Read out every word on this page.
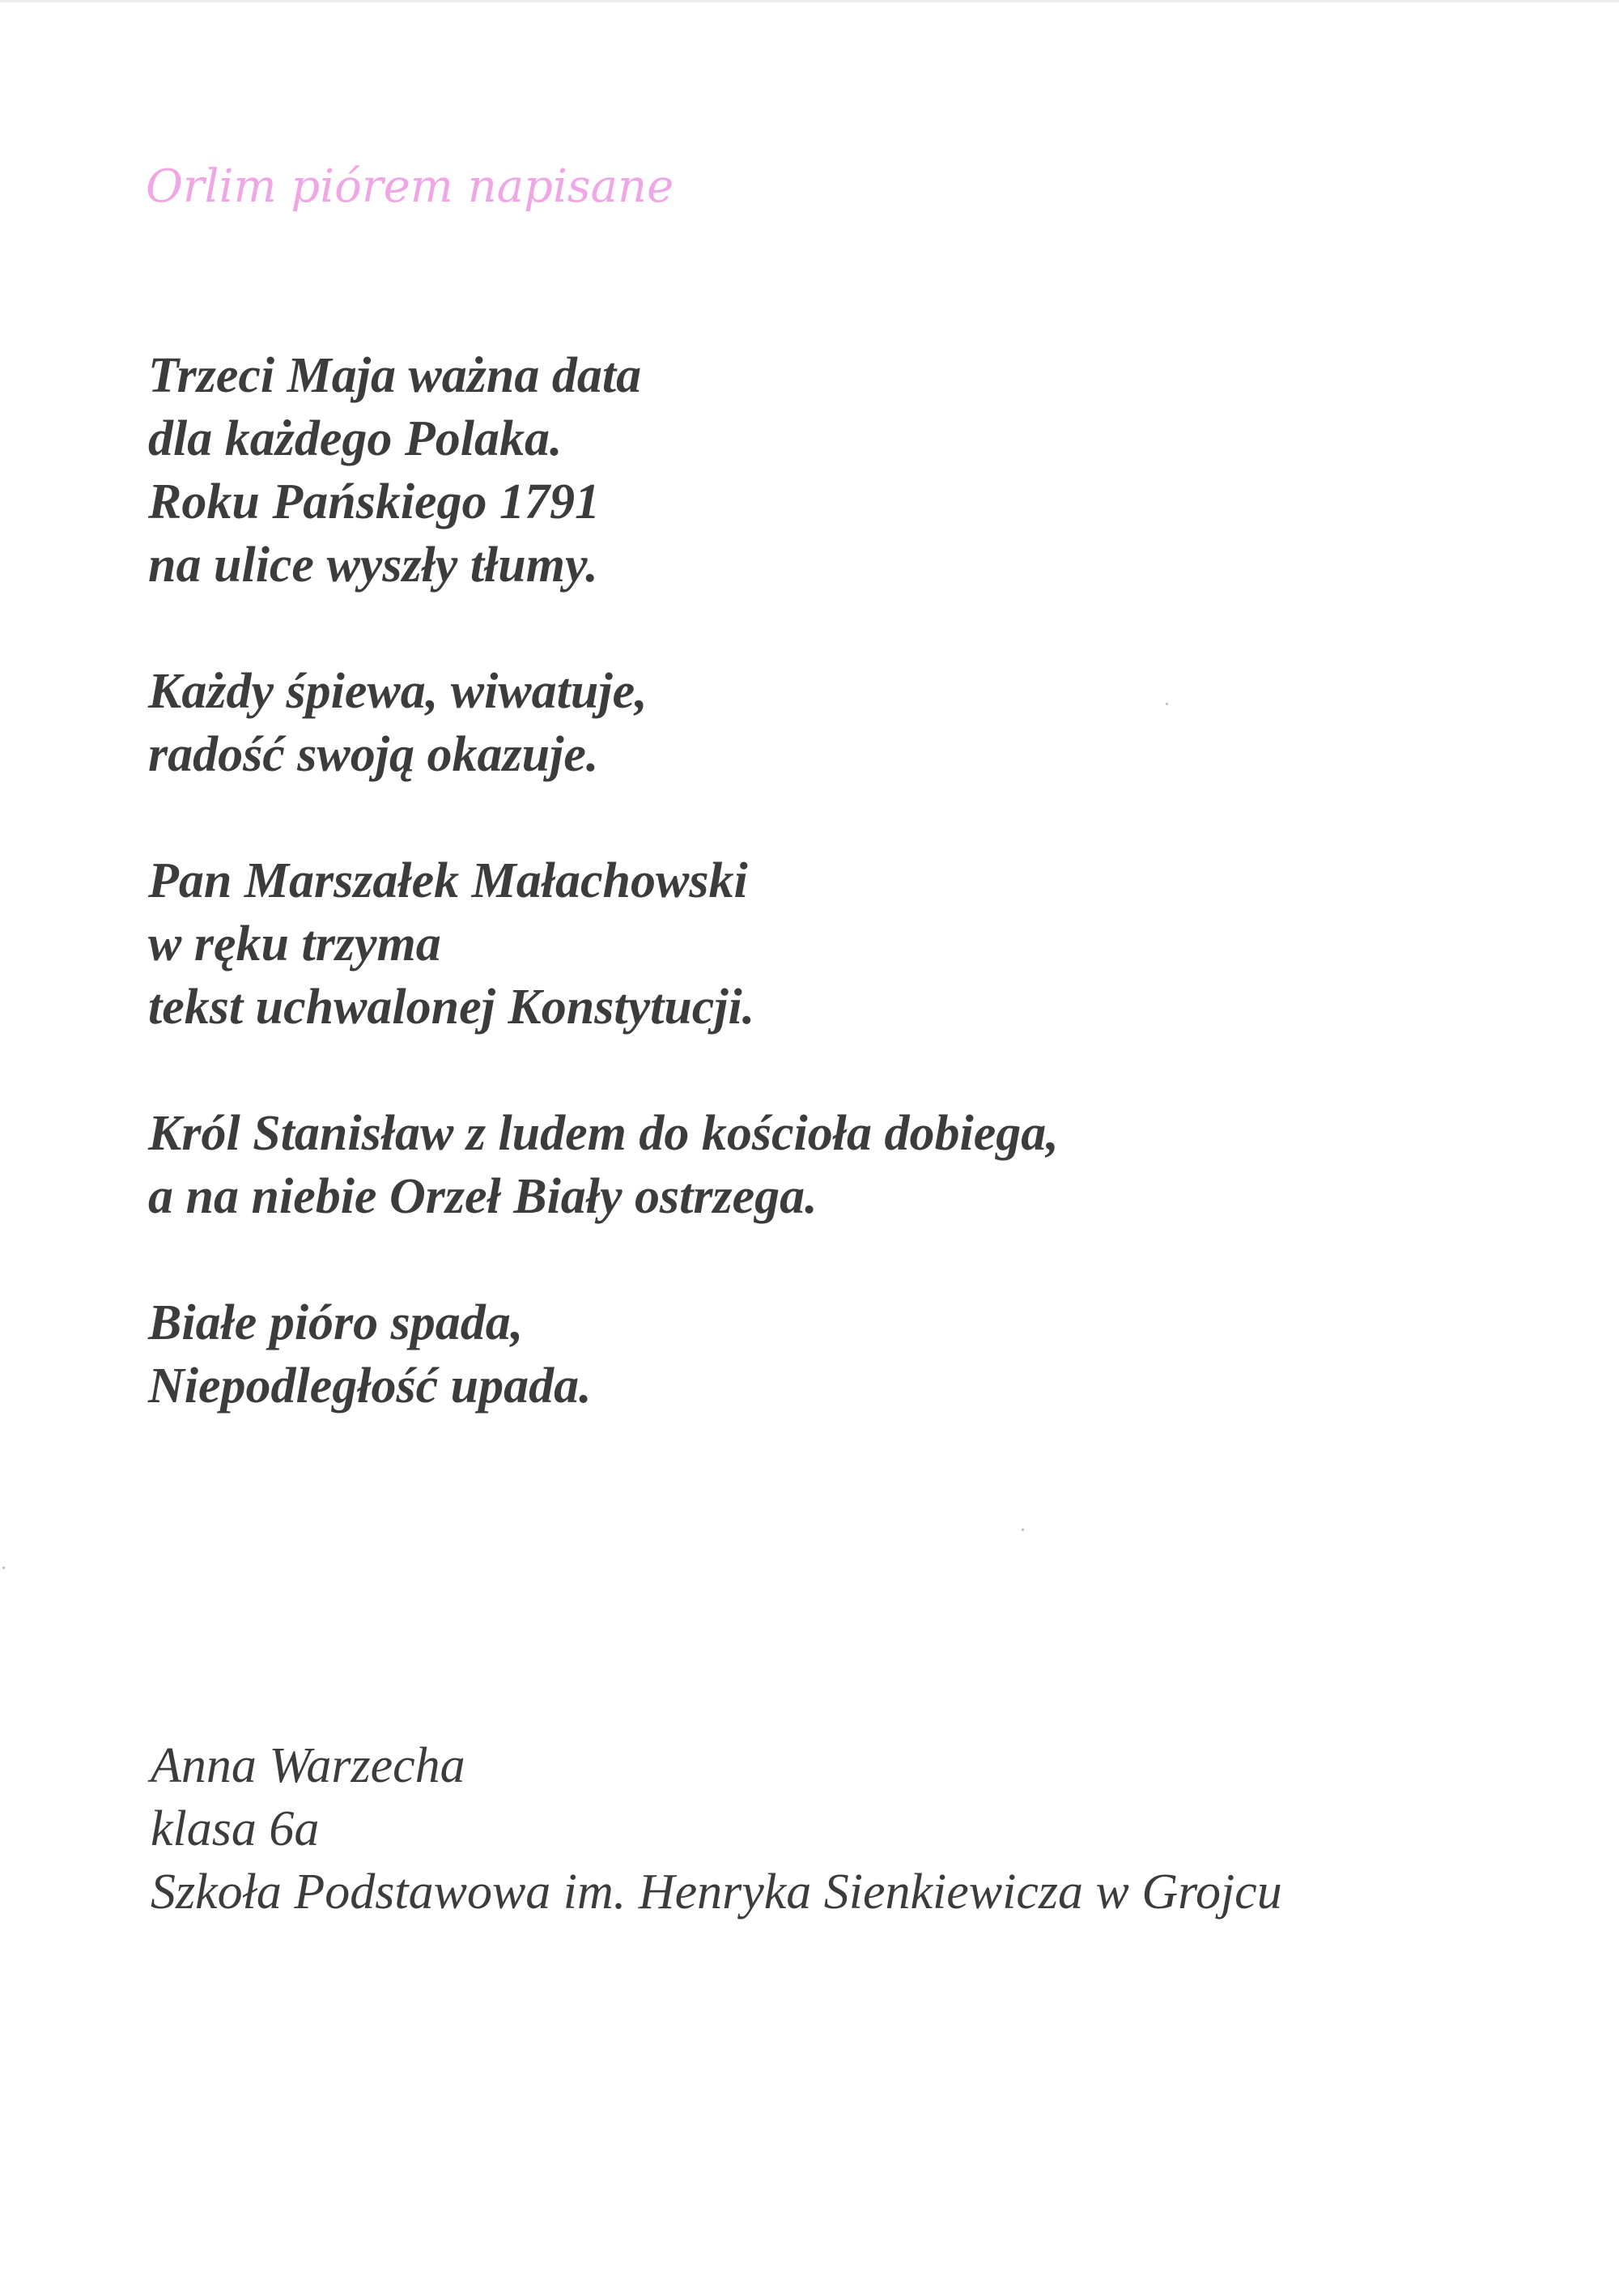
Orlim piórem napisane

Trzeci Maja ważna data
dla każdego Polaka.
Roku Pańskiego 1791
na ulice wyszły tłumy.

Każdy śpiewa, wiwatuje,
radość swoją okazuje.

Pan Marszałek Małachowski
w ręku trzyma
tekst uchwalonej Konstytucji.

Król Stanisław z ludem do kościoła dobiega,
a na niebie Orzeł Biały ostrzega.

Białe pióro spada,
Niepodległość upada.

Anna Warzecha
klasa 6a
Szkoła Podstawowa im. Henryka Sienkiewicza w Grojcu
